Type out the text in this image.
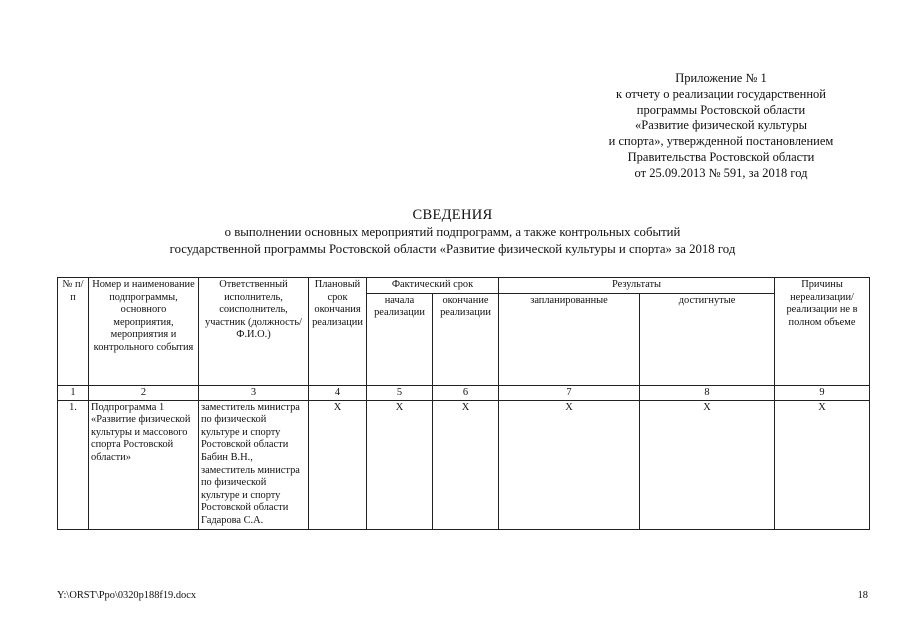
Приложение № 1
к отчету о реализации государственной
программы Ростовской области
«Развитие физической культуры
и спорта», утвержденной постановлением
Правительства Ростовской области
от 25.09.2013 № 591, за 2018 год
СВЕДЕНИЯ
о выполнении основных мероприятий подпрограмм, а также контрольных событий
государственной программы Ростовской области «Развитие физической культуры и спорта» за 2018 год
№ п/п	Номер и наименование подпрограммы, основного мероприятия, мероприятия и контрольного события	Ответственный исполнитель, соисполнитель, участник (должность/ Ф.И.О.)	Плановый срок окончания реализации	Фактический срок		Результаты		Причины нереализации/ реализации не в полном объеме
				начала реализации	окончание реализации	запланированные	достигнутые	
1	2	3	4	5	6	7	8	9
1.	Подпрограмма 1 «Развитие физической культуры и массового спорта Ростовской области»	заместитель министра по физической культуре и спорту Ростовской области Бабин В.Н., заместитель министра по физической культуре и спорту Ростовской области Гадарова С.А.	Х	Х	Х	Х	Х	Х
Y:\ORST\Ppo\0320p188f19.docx	18
